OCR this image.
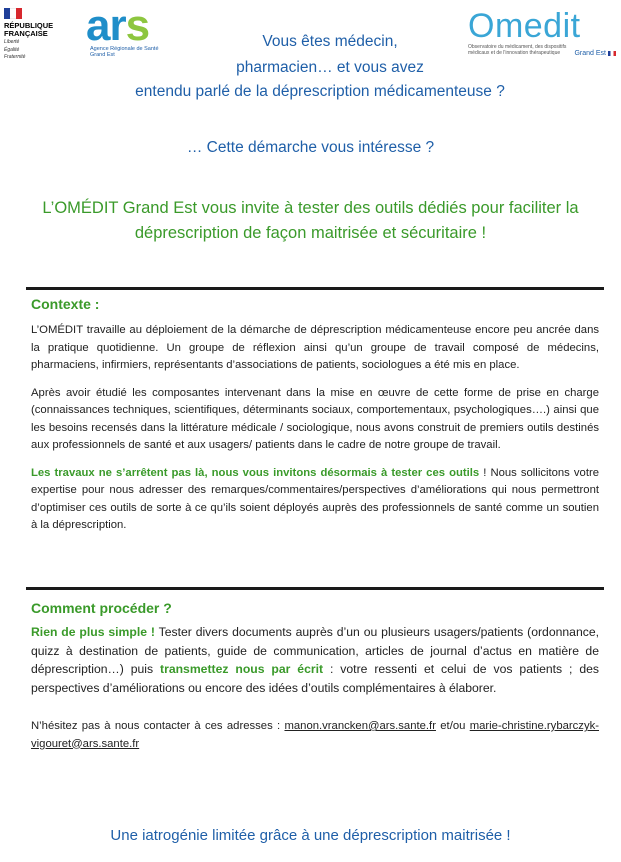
RÉPUBLIQUE
FRANÇAISE
Liberté
Égalité
Fraternité
ars
Agence Régionale de Santé
Grand Est
Omedit
Observatoire du médicament, des dispositifs médicaux et de l'innovation thérapeutique	Grand Est
Vous êtes médecin,
pharmacien… et vous avez
entendu parlé de la déprescription médicamenteuse ?
… Cette démarche vous intéresse ?
L’OMÉDIT Grand Est vous invite à tester des outils dédiés pour faciliter la
déprescription de façon maitrisée et sécuritaire !
Contexte :
L’OMÉDIT travaille au déploiement de la démarche de déprescription médicamenteuse encore peu ancrée dans la pratique quotidienne. Un groupe de réflexion ainsi qu’un groupe de travail composé de médecins, pharmaciens, infirmiers, représentants d’associations de patients, sociologues a été mis en place.
Après avoir étudié les composantes intervenant dans la mise en œuvre de cette forme de prise en charge (connaissances techniques, scientifiques, déterminants sociaux, comportementaux, psychologiques….) ainsi que les besoins recensés dans la littérature médicale / sociologique, nous avons construit de premiers outils destinés aux professionnels de santé et aux usagers/ patients dans le cadre de notre groupe de travail.
Les travaux ne s’arrêtent pas là, nous vous invitons désormais à tester ces outils ! Nous sollicitons votre expertise pour nous adresser des remarques/commentaires/perspectives d’améliorations qui nous permettront d’optimiser ces outils de sorte à ce qu’ils soient déployés auprès des professionnels de santé comme un soutien à la déprescription.
Comment procéder ?
Rien de plus simple ! Tester divers documents auprès d’un ou plusieurs usagers/patients (ordonnance, quizz à destination de patients, guide de communication, articles de journal d’actus en matière de déprescription…) puis transmettez nous par écrit : votre ressenti et celui de vos patients ; des perspectives d’améliorations ou encore des idées d’outils complémentaires à élaborer.
N’hésitez pas à nous contacter à ces adresses : manon.vrancken@ars.sante.fr et/ou marie-christine.rybarczyk-vigouret@ars.sante.fr
Une iatrogénie limitée grâce à une déprescription maitrisée !
